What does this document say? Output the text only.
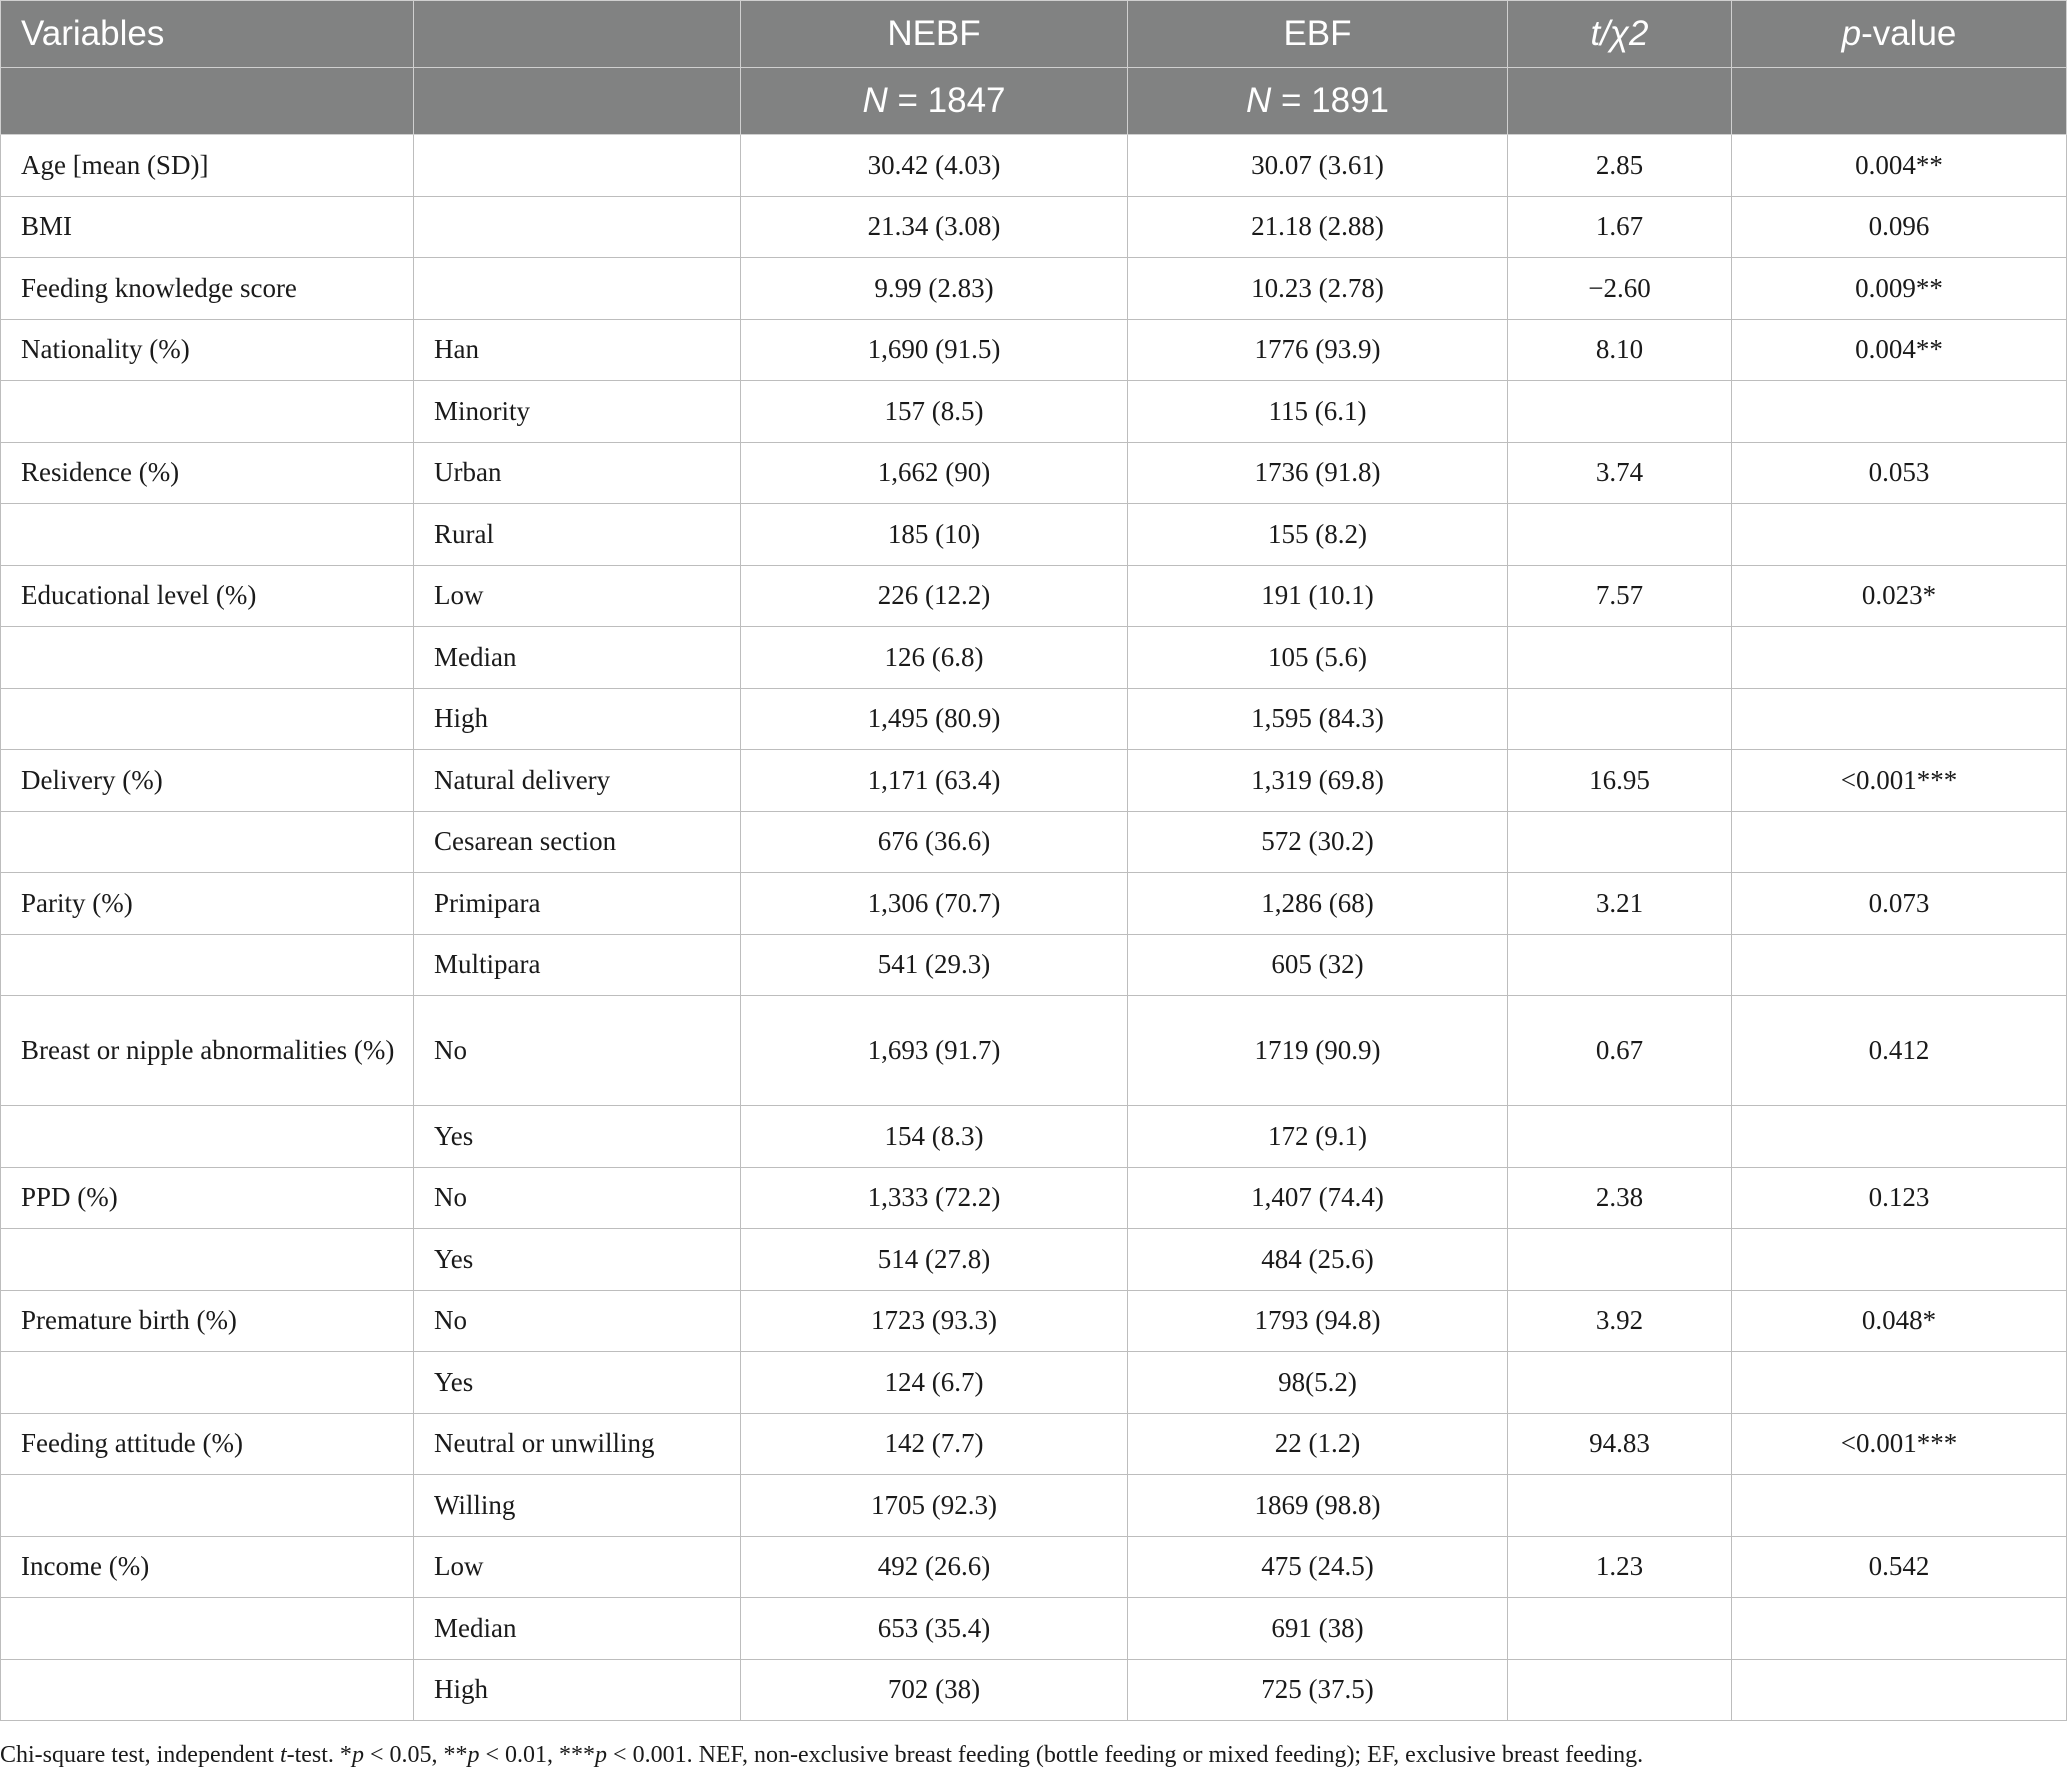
Variables		NEBF	EBF	t/χ2	p-value
		N = 1847	N = 1891		
Age [mean (SD)]		30.42 (4.03)	30.07 (3.61)	2.85	0.004**
BMI		21.34 (3.08)	21.18 (2.88)	1.67	0.096
Feeding knowledge score		9.99 (2.83)	10.23 (2.78)	−2.60	0.009**
Nationality (%)	Han	1,690 (91.5)	1776 (93.9)	8.10	0.004**
	Minority	157 (8.5)	115 (6.1)		
Residence (%)	Urban	1,662 (90)	1736 (91.8)	3.74	0.053
	Rural	185 (10)	155 (8.2)		
Educational level (%)	Low	226 (12.2)	191 (10.1)	7.57	0.023*
	Median	126 (6.8)	105 (5.6)		
	High	1,495 (80.9)	1,595 (84.3)		
Delivery (%)	Natural delivery	1,171 (63.4)	1,319 (69.8)	16.95	<0.001***
	Cesarean section	676 (36.6)	572 (30.2)		
Parity (%)	Primipara	1,306 (70.7)	1,286 (68)	3.21	0.073
	Multipara	541 (29.3)	605 (32)		
Breast or nipple abnormalities (%)	No	1,693 (91.7)	1719 (90.9)	0.67	0.412
	Yes	154 (8.3)	172 (9.1)		
PPD (%)	No	1,333 (72.2)	1,407 (74.4)	2.38	0.123
	Yes	514 (27.8)	484 (25.6)		
Premature birth (%)	No	1723 (93.3)	1793 (94.8)	3.92	0.048*
	Yes	124 (6.7)	98(5.2)		
Feeding attitude (%)	Neutral or unwilling	142 (7.7)	22 (1.2)	94.83	<0.001***
	Willing	1705 (92.3)	1869 (98.8)		
Income (%)	Low	492 (26.6)	475 (24.5)	1.23	0.542
	Median	653 (35.4)	691 (38)		
	High	702 (38)	725 (37.5)		
Chi-square test, independent t-test. *p < 0.05, **p < 0.01, ***p < 0.001. NEF, non-exclusive breast feeding (bottle feeding or mixed feeding); EF, exclusive breast feeding.
